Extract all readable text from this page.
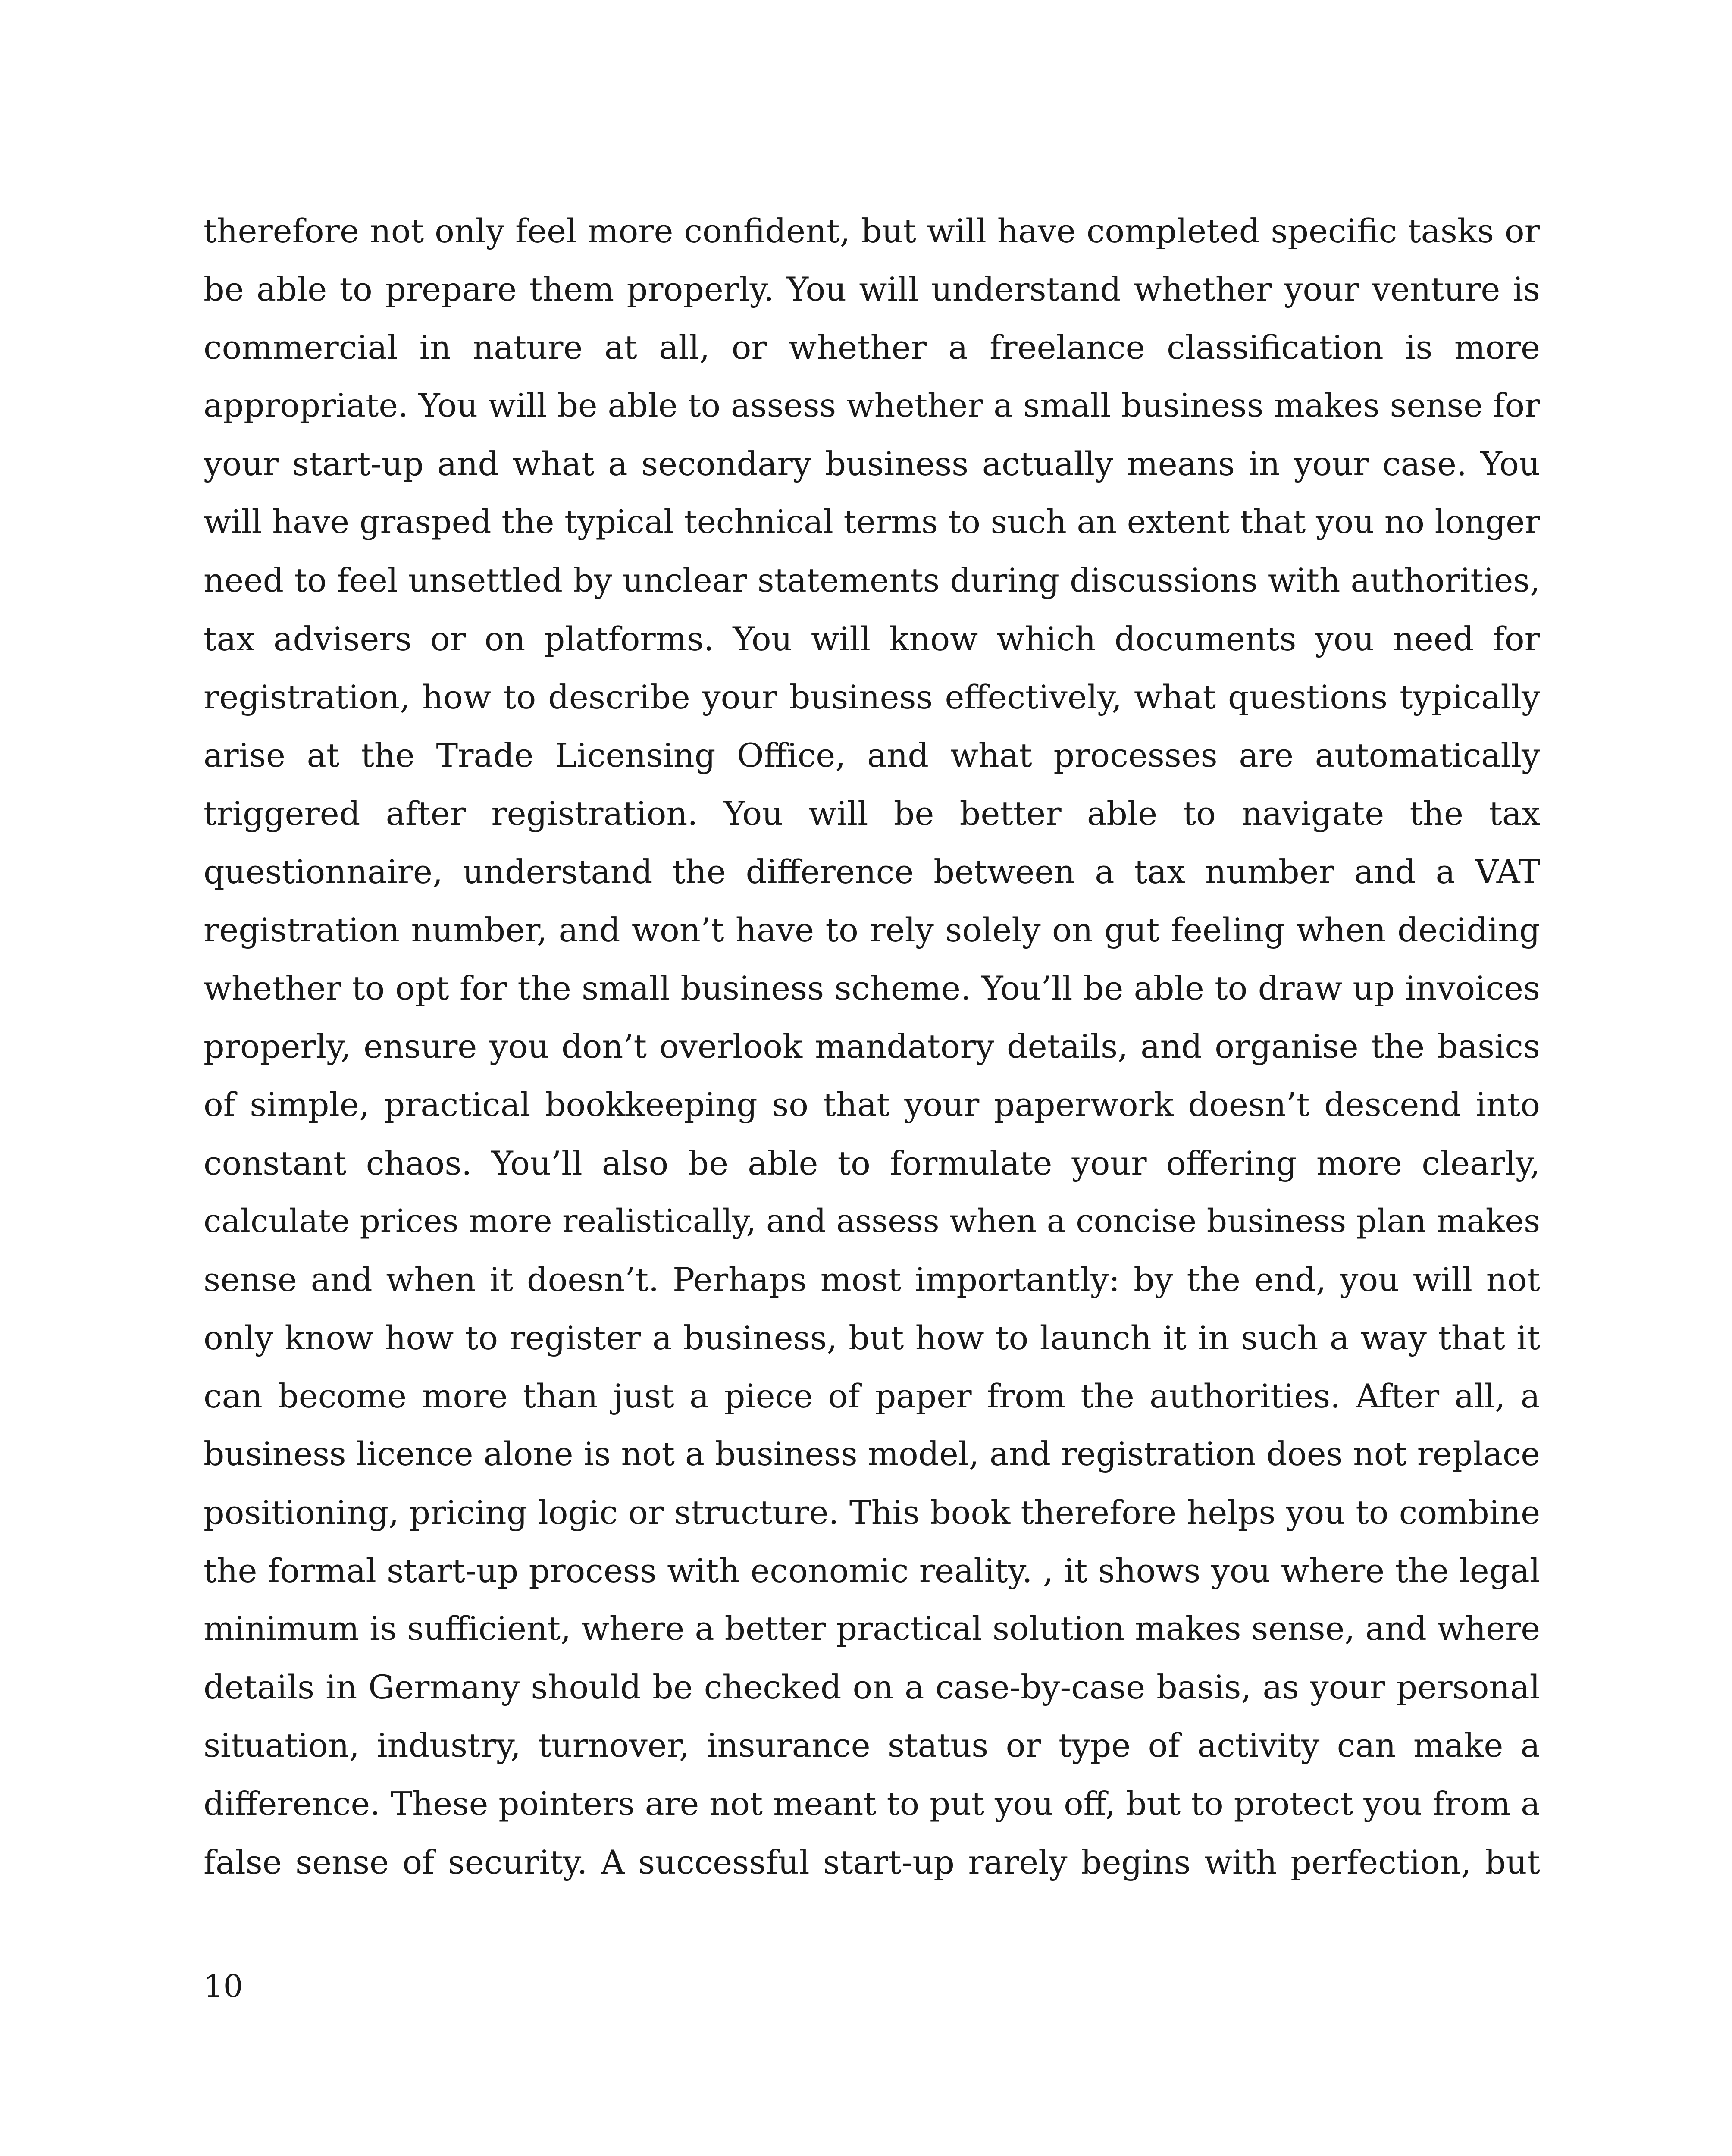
therefore not only feel more confident, but will have completed specific tasks or
be able to prepare them properly. You will understand whether your venture is
commercial in nature at all, or whether a freelance classification is more
appropriate. You will be able to assess whether a small business makes sense for
your start-up and what a secondary business actually means in your case. You
will have grasped the typical technical terms to such an extent that you no longer
need to feel unsettled by unclear statements during discussions with authorities,
tax advisers or on platforms. You will know which documents you need for
registration, how to describe your business effectively, what questions typically
arise at the Trade Licensing Office, and what processes are automatically
triggered after registration. You will be better able to navigate the tax
questionnaire, understand the difference between a tax number and a VAT
registration number, and won’t have to rely solely on gut feeling when deciding
whether to opt for the small business scheme. You’ll be able to draw up invoices
properly, ensure you don’t overlook mandatory details, and organise the basics
of simple, practical bookkeeping so that your paperwork doesn’t descend into
constant chaos. You’ll also be able to formulate your offering more clearly,
calculate prices more realistically, and assess when a concise business plan makes
sense and when it doesn’t. Perhaps most importantly: by the end, you will not
only know how to register a business, but how to launch it in such a way that it
can become more than just a piece of paper from the authorities. After all, a
business licence alone is not a business model, and registration does not replace
positioning, pricing logic or structure. This book therefore helps you to combine
the formal start-up process with economic reality. , it shows you where the legal
minimum is sufficient, where a better practical solution makes sense, and where
details in Germany should be checked on a case-by-case basis, as your personal
situation, industry, turnover, insurance status or type of activity can make a
difference. These pointers are not meant to put you off, but to protect you from a
false sense of security. A successful start-up rarely begins with perfection, but
10
